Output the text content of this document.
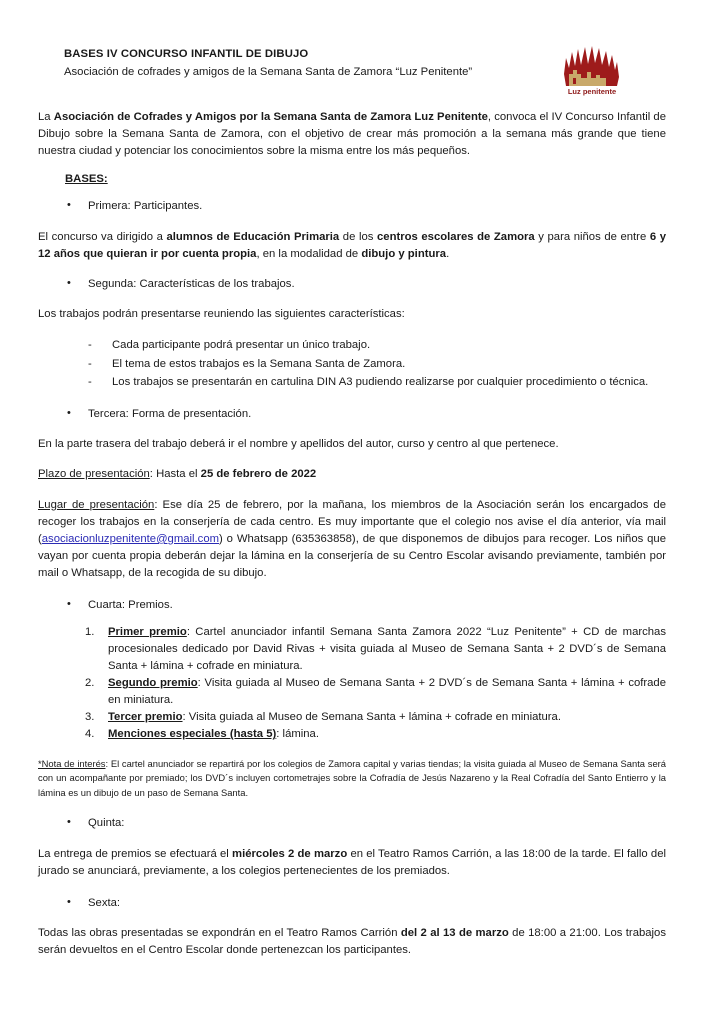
BASES IV CONCURSO INFANTIL DE DIBUJO
Asociación de cofrades y amigos de la Semana Santa de Zamora “Luz Penitente”
Luz penitente

La Asociación de Cofrades y Amigos por la Semana Santa de Zamora Luz Penitente, convoca el IV Concurso Infantil de Dibujo sobre la Semana Santa de Zamora, con el objetivo de crear más promoción a la semana más grande que tiene nuestra ciudad y potenciar los conocimientos sobre la misma entre los más pequeños.

BASES:
• Primera: Participantes.

El concurso va dirigido a alumnos de Educación Primaria de los centros escolares de Zamora y para niños de entre 6 y 12 años que quieran ir por cuenta propia, en la modalidad de dibujo y pintura.

• Segunda: Características de los trabajos.

Los trabajos podrán presentarse reuniendo las siguientes características:

- Cada participante podrá presentar un único trabajo.
- El tema de estos trabajos es la Semana Santa de Zamora.
- Los trabajos se presentarán en cartulina DIN A3 pudiendo realizarse por cualquier procedimiento o técnica.
• Tercera: Forma de presentación.

En la parte trasera del trabajo deberá ir el nombre y apellidos del autor, curso y centro al que pertenece.

Plazo de presentación: Hasta el 25 de febrero de 2022

Lugar de presentación: Ese día 25 de febrero, por la mañana, los miembros de la Asociación serán los encargados de recoger los trabajos en la conserjería de cada centro. Es muy importante que el colegio nos avise el día anterior, vía mail (asociacionluzpenitente@gmail.com) o Whatsapp (635363858), de que disponemos de dibujos para recoger. Los niños que vayan por cuenta propia deberán dejar la lámina en la conserjería de su Centro Escolar avisando previamente, también por mail o Whatsapp, de la recogida de su dibujo.

• Cuarta: Premios.
Primer premio: Cartel anunciador infantil Semana Santa Zamora 2022 “Luz Penitente” + CD de marchas procesionales dedicado por David Rivas + visita guiada al Museo de Semana Santa + 2 DVD´s de Semana Santa + lámina + cofrade en miniatura.
Segundo premio: Visita guiada al Museo de Semana Santa + 2 DVD´s de Semana Santa + lámina + cofrade en miniatura.
Tercer premio: Visita guiada al Museo de Semana Santa + lámina + cofrade en miniatura.
Menciones especiales (hasta 5): lámina.

*Nota de interés: El cartel anunciador se repartirá por los colegios de Zamora capital y varias tiendas; la visita guiada al Museo de Semana Santa será con un acompañante por premiado; los DVD´s incluyen cortometrajes sobre la Cofradía de Jesús Nazareno y la Real Cofradía del Santo Entierro y la lámina es un dibujo de un paso de Semana Santa.

• Quinta:

La entrega de premios se efectuará el miércoles 2 de marzo en el Teatro Ramos Carrión, a las 18:00 de la tarde. El fallo del jurado se anunciará, previamente, a los colegios pertenecientes de los premiados.

• Sexta:

Todas las obras presentadas se expondrán en el Teatro Ramos Carrión del 2 al 13 de marzo de 18:00 a 21:00. Los trabajos serán devueltos en el Centro Escolar donde pertenezcan los participantes.
